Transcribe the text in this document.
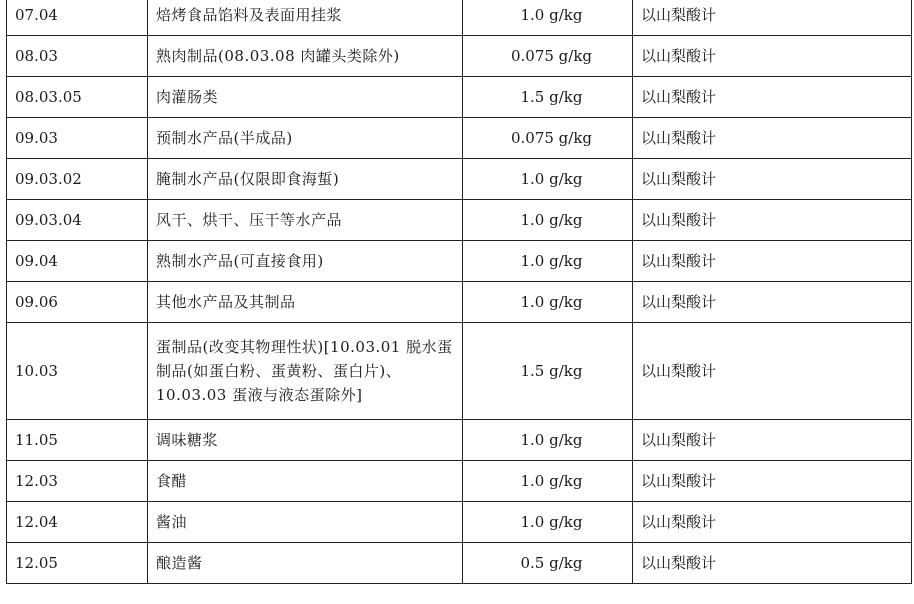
07.04	焙烤食品馅料及表面用挂浆	1.0 g/kg	以山梨酸计
08.03	熟肉制品(08.03.08 肉罐头类除外)	0.075 g/kg	以山梨酸计
08.03.05	肉灌肠类	1.5 g/kg	以山梨酸计
09.03	预制水产品(半成品)	0.075 g/kg	以山梨酸计
09.03.02	腌制水产品(仅限即食海蜇)	1.0 g/kg	以山梨酸计
09.03.04	风干、烘干、压干等水产品	1.0 g/kg	以山梨酸计
09.04	熟制水产品(可直接食用)	1.0 g/kg	以山梨酸计
09.06	其他水产品及其制品	1.0 g/kg	以山梨酸计
10.03	蛋制品(改变其物理性状)[10.03.01 脱水蛋制品(如蛋白粉、蛋黄粉、蛋白片)、10.03.03 蛋液与液态蛋除外]	1.5 g/kg	以山梨酸计
11.05	调味糖浆	1.0 g/kg	以山梨酸计
12.03	食醋	1.0 g/kg	以山梨酸计
12.04	酱油	1.0 g/kg	以山梨酸计
12.05	酿造酱	0.5 g/kg	以山梨酸计
